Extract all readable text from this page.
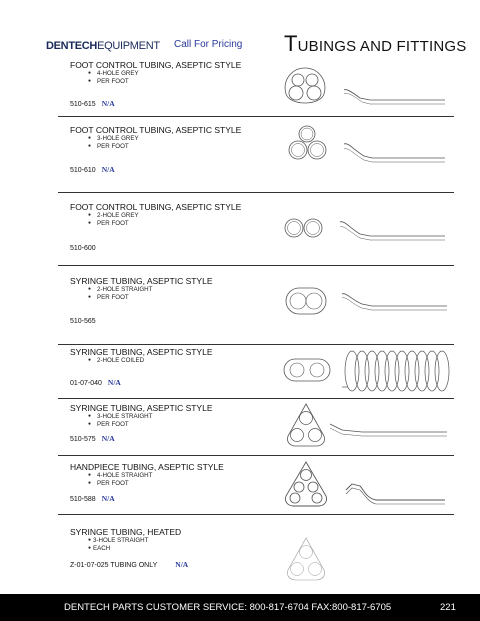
DENTECHEQUIPMENT Call For Pricing TUBINGS AND FITTINGS
FOOT CONTROL TUBING, ASEPTIC STYLE
● 4-HOLE GREY
● PER FOOT
510-615 N/A
FOOT CONTROL TUBING, ASEPTIC STYLE
● 3-HOLE GREY
● PER FOOT
510-610 N/A
FOOT CONTROL TUBING, ASEPTIC STYLE
● 2-HOLE GREY
● PER FOOT
510-600
SYRINGE TUBING, ASEPTIC STYLE
● 2-HOLE STRAIGHT
● PER FOOT
510-565
SYRINGE TUBING, ASEPTIC STYLE
● 2-HOLE COILED
01-07-040 N/A
SYRINGE TUBING, ASEPTIC STYLE
● 3-HOLE STRAIGHT
● PER FOOT
510-575 N/A
HANDPIECE TUBING, ASEPTIC STYLE
● 4-HOLE STRAIGHT
● PER FOOT
510-588 N/A
SYRINGE TUBING, HEATED
● 3-HOLE STRAIGHT
● EACH
Z-01-07-025 TUBING ONLY N/A
DENTECH PARTS CUSTOMER SERVICE: 800-817-6704 FAX:800-817-6705	221
